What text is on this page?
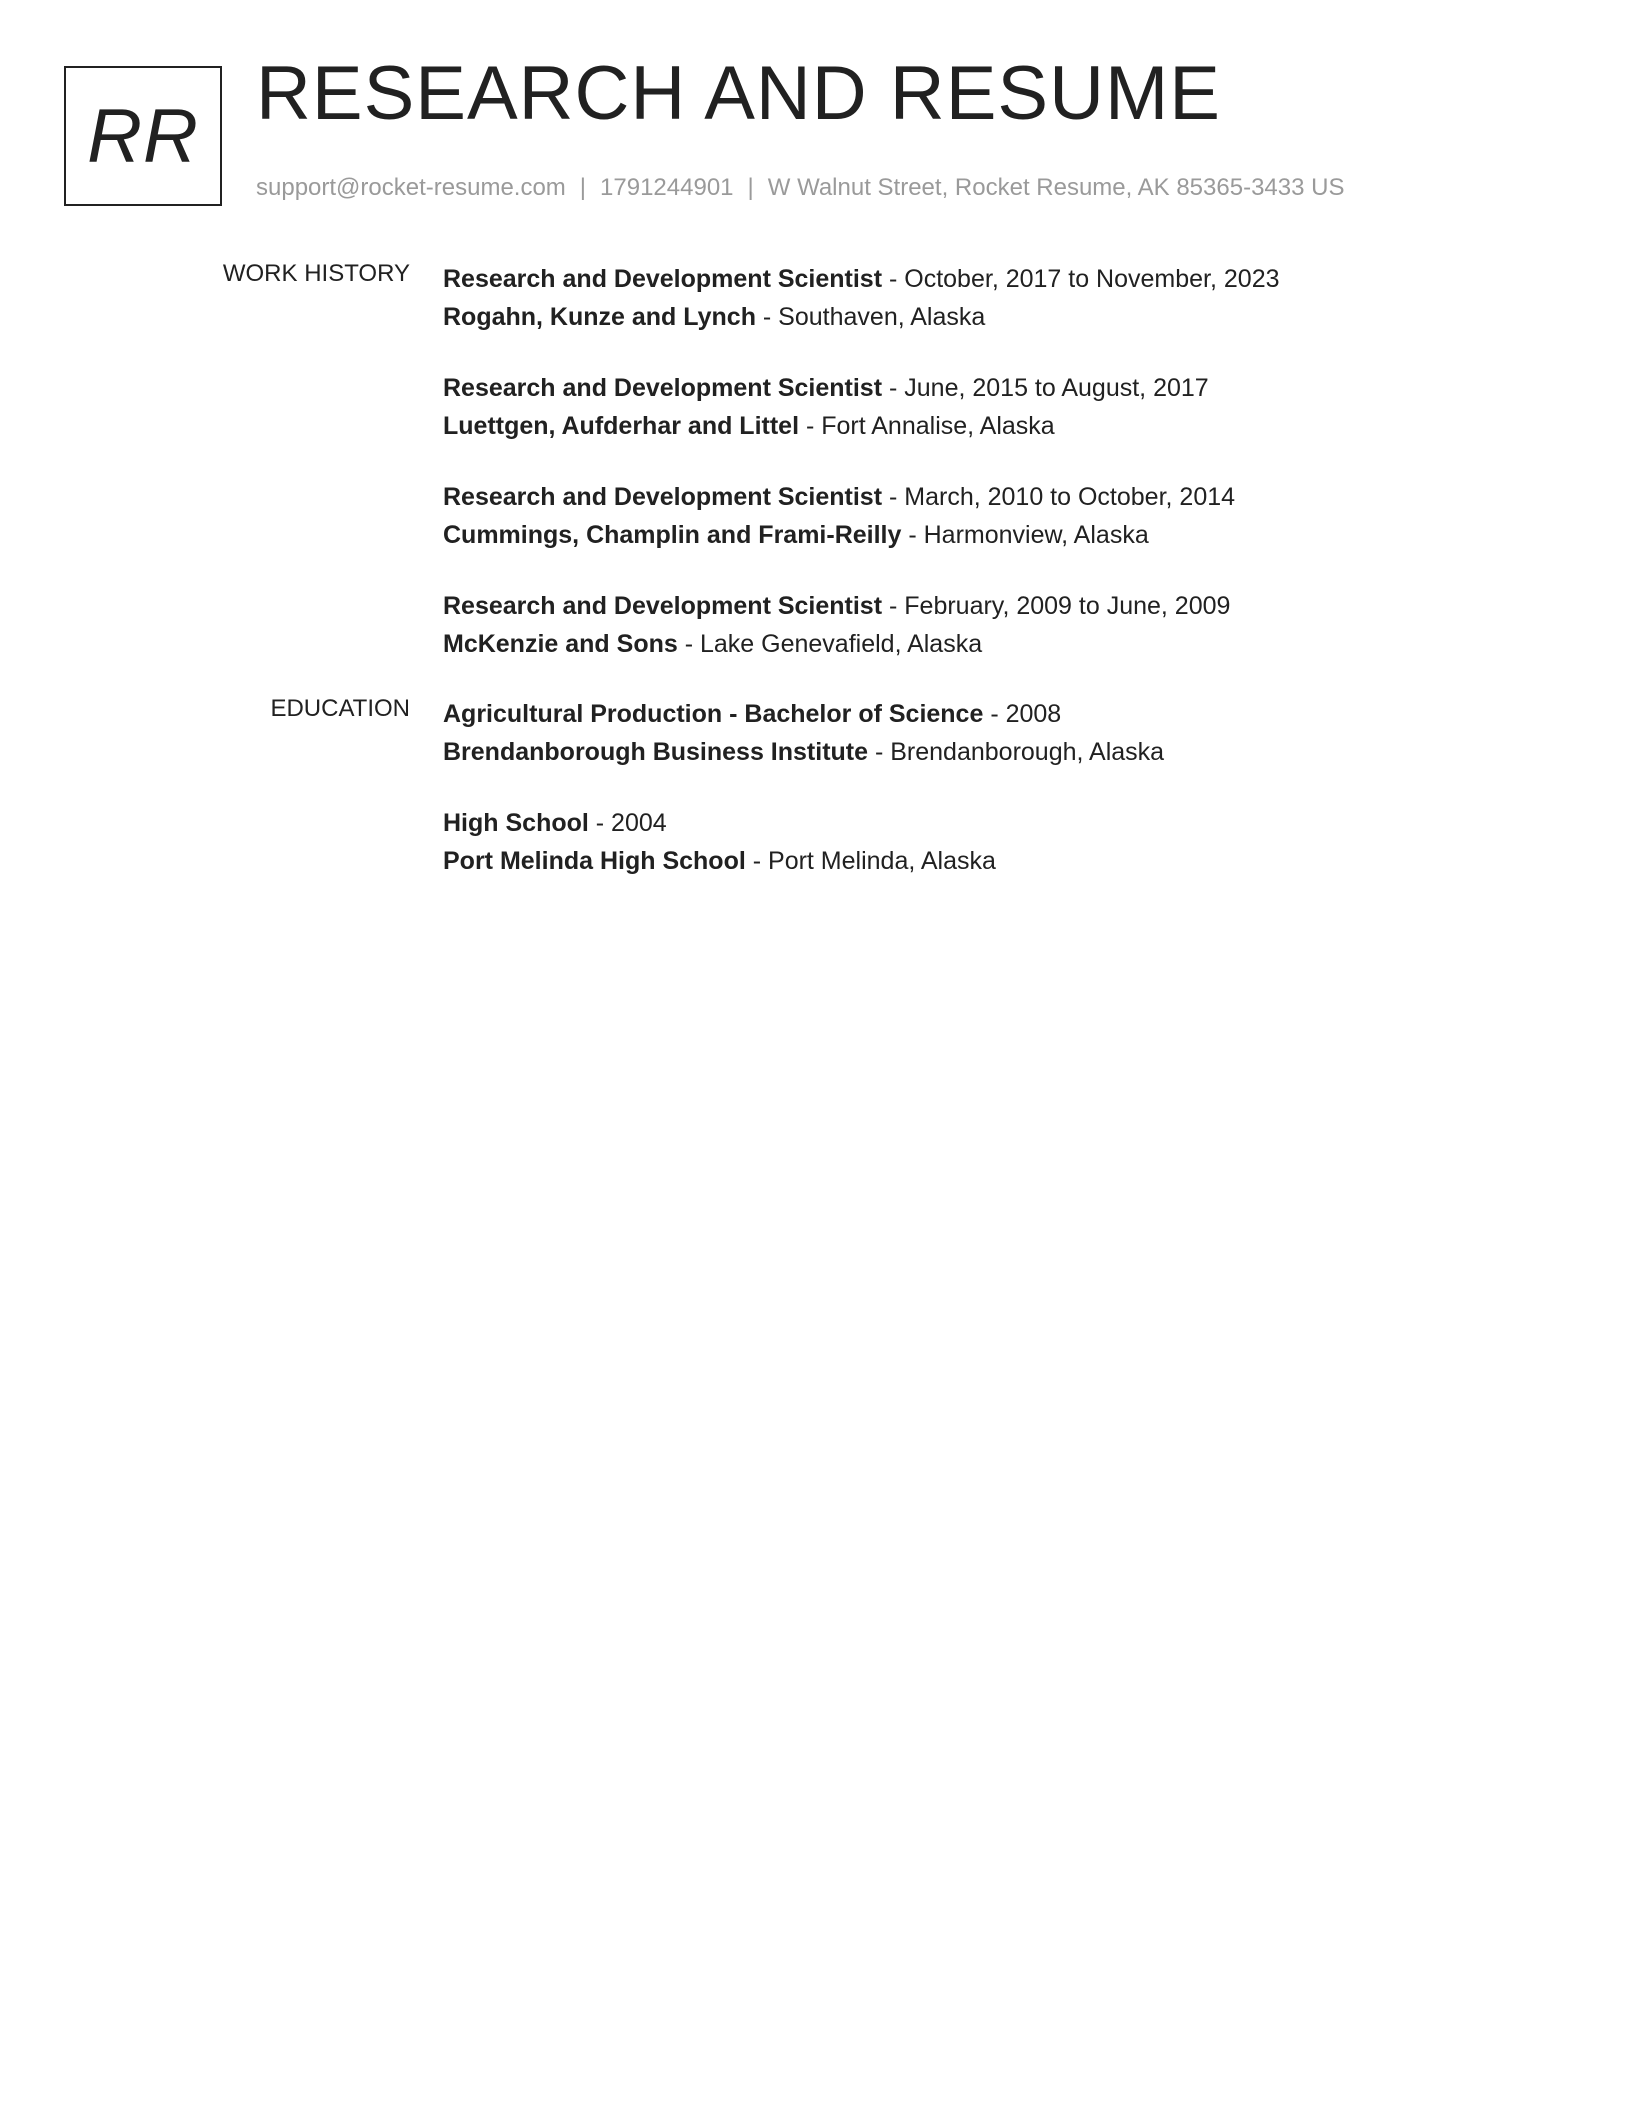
RR RESEARCH AND RESUME
support@rocket-resume.com | 1791244901 | W Walnut Street, Rocket Resume, AK 85365-3433 US
WORK HISTORY Research and Development Scientist - October, 2017 to November, 2023
Rogahn, Kunze and Lynch - Southaven, Alaska
Research and Development Scientist - June, 2015 to August, 2017
Luettgen, Aufderhar and Littel - Fort Annalise, Alaska
Research and Development Scientist - March, 2010 to October, 2014
Cummings, Champlin and Frami-Reilly - Harmonview, Alaska
Research and Development Scientist - February, 2009 to June, 2009
McKenzie and Sons - Lake Genevafield, Alaska
EDUCATION Agricultural Production - Bachelor of Science - 2008
Brendanborough Business Institute - Brendanborough, Alaska
High School - 2004
Port Melinda High School - Port Melinda, Alaska
